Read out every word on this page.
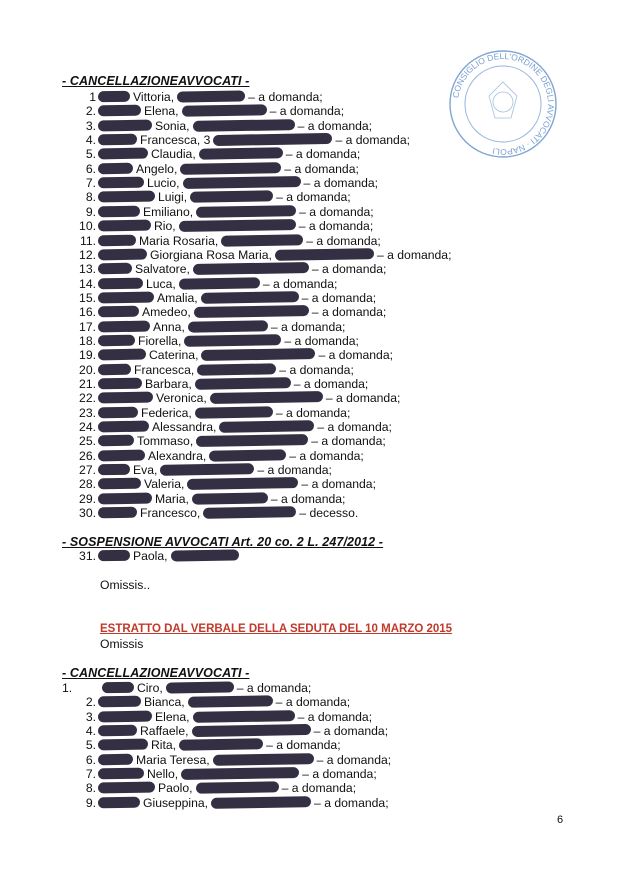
CONSIGLIO DELL'ORDINE DEGLI AVVOCATI · NAPOLI
- CANCELLAZIONEAVVOCATI -
1	Vittoria,	– a domanda;
2.	Elena,	– a domanda;
3.	Sonia,	– a domanda;
4.	Francesca, 3	– a domanda;
5.	Claudia,	– a domanda;
6.	Angelo,	– a domanda;
7.	Lucio,	– a domanda;
8.	Luigi,	– a domanda;
9.	Emiliano,	– a domanda;
10.	Rio,	– a domanda;
11.	Maria Rosaria,	– a domanda;
12.	Giorgiana Rosa Maria,	– a domanda;
13.	Salvatore,	– a domanda;
14.	Luca,	– a domanda;
15.	Amalia,	– a domanda;
16.	Amedeo,	– a domanda;
17.	Anna,	– a domanda;
18.	Fiorella,	– a domanda;
19.	Caterina,	– a domanda;
20.	Francesca,	– a domanda;
21.	Barbara,	– a domanda;
22.	Veronica,	– a domanda;
23.	Federica,	– a domanda;
24.	Alessandra,	– a domanda;
25.	Tommaso,	– a domanda;
26.	Alexandra,	– a domanda;
27.	Eva,	– a domanda;
28.	Valeria,	– a domanda;
29.	Maria,	– a domanda;
30.	Francesco,	– decesso.
- SOSPENSIONE AVVOCATI Art. 20 co. 2 L. 247/2012 -
31.	Paola,
Omissis..
ESTRATTO DAL VERBALE DELLA SEDUTA DEL 10 MARZO 2015
Omissis
- CANCELLAZIONEAVVOCATI -
1.	Ciro,	– a domanda;
2.	Bianca,	– a domanda;
3.	Elena,	– a domanda;
4.	Raffaele,	– a domanda;
5.	Rita,	– a domanda;
6.	Maria Teresa,	– a domanda;
7.	Nello,	– a domanda;
8.	Paolo,	– a domanda;
9.	Giuseppina,	– a domanda;
6
